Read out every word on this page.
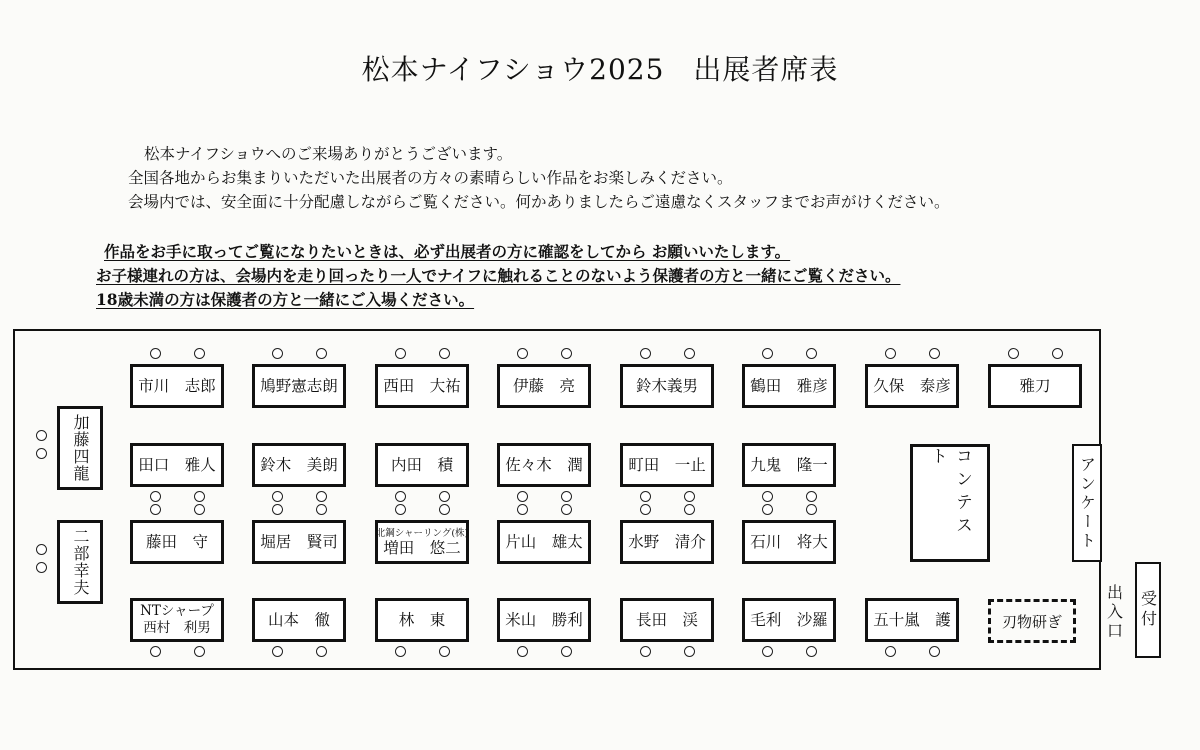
松本ナイフショウ2025　出展者席表

松本ナイフショウへのご来場ありがとうございます。

全国各地からお集まりいただいた出展者の方々の素晴らしい作品をお楽しみください。

会場内では、安全面に十分配慮しながらご覧ください。何かありましたらご遠慮なくスタッフまでお声がけください。

作品をお手に取ってご覧になりたいときは、必ず出展者の方に確認をしてから お願いいたします。

お子様連れの方は、会場内を走り回ったり一人でナイフに触れることのないよう保護者の方と一緒にご覧ください。

18歳未満の方は保護者の方と一緒にご入場ください。

市川　志郎	鳩野憲志朗	西田　大祐	伊藤　亮	鈴木義男	鶴田　雅彦	久保　泰彦	雅刀
田口　雅人	鈴木　美朗	内田　積	佐々木　潤	町田　一止	九鬼　隆一
藤田　守	堀居　賢司	北鋼シャーリング(株)
増田　悠二	片山　雄太	水野　清介	石川　将大
NTシャープ
西村　利男	山本　徹	林　東	米山　勝利	長田　渓	毛利　沙羅	五十嵐　護
加藤四龍
二部幸夫
コンテスト	アンケート
刃物研ぎ	出入口 受付
